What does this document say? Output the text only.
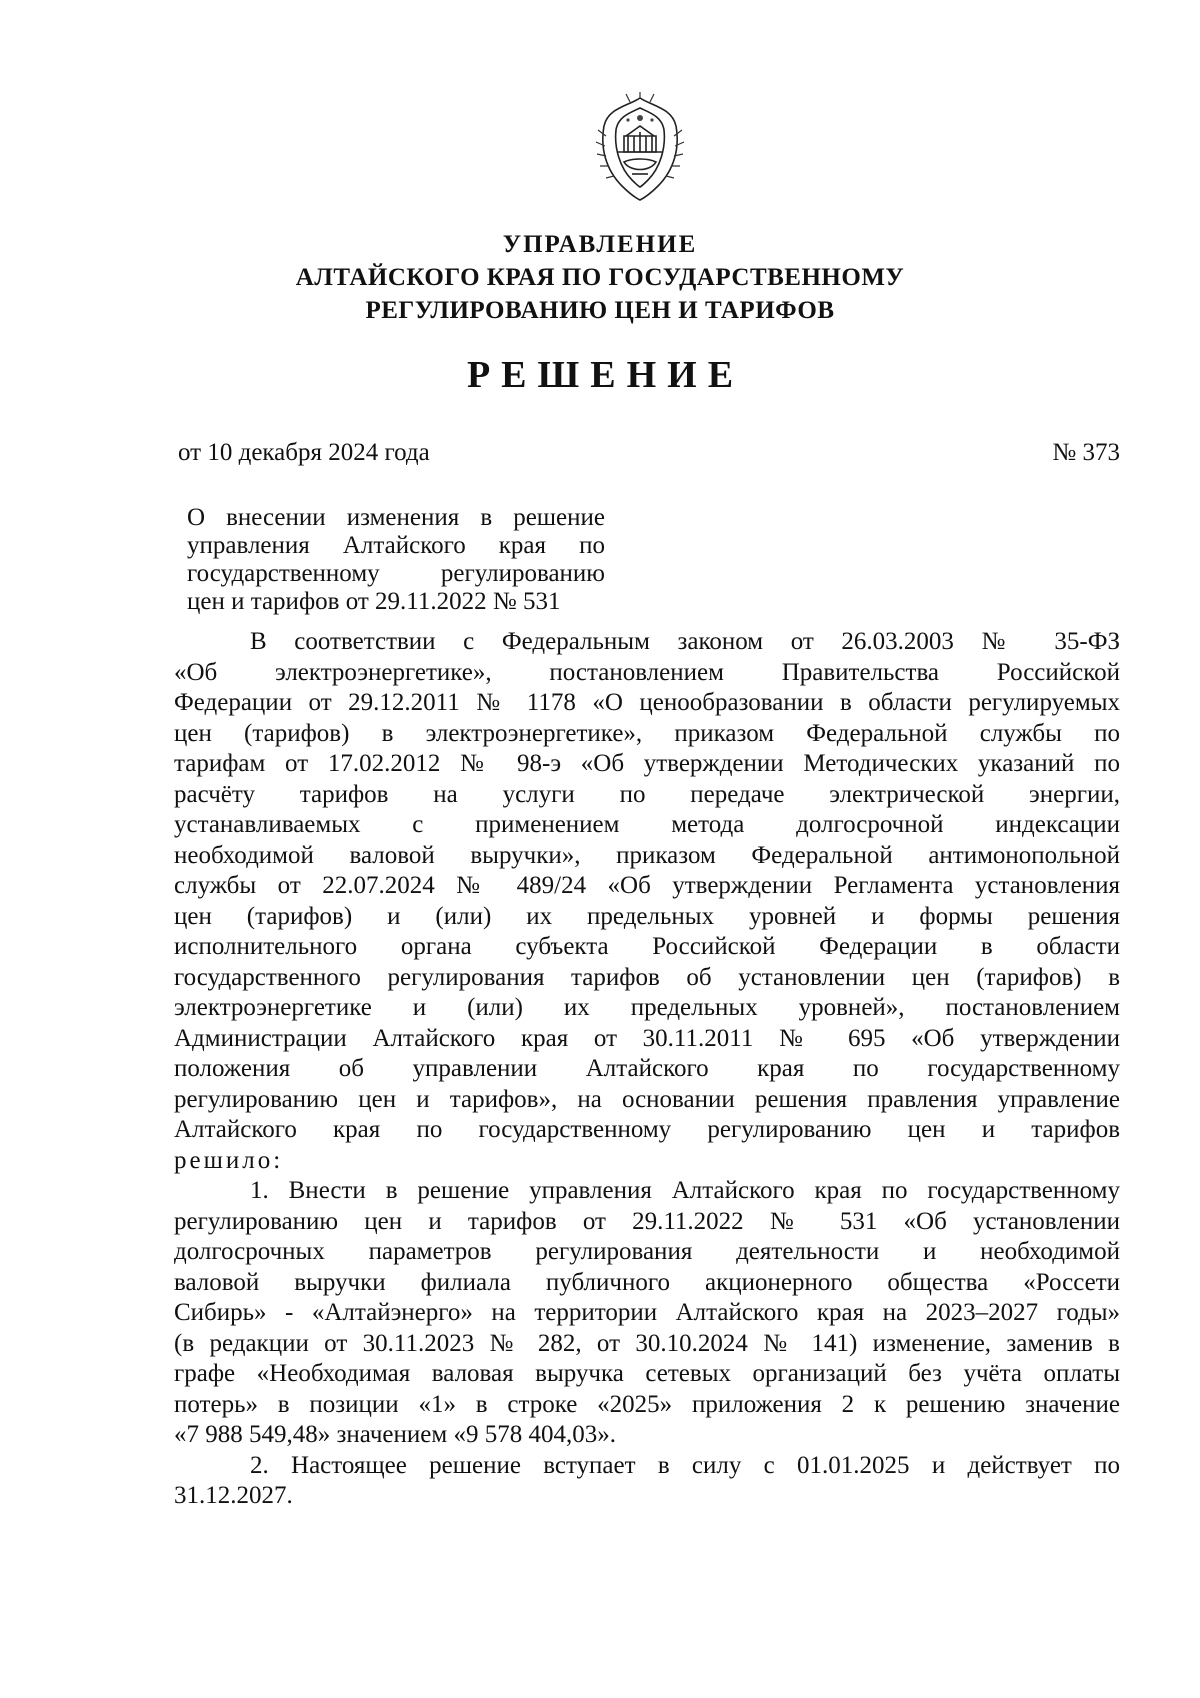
УПРАВЛЕНИЕ
АЛТАЙСКОГО КРАЯ ПО ГОСУДАРСТВЕННОМУ
РЕГУЛИРОВАНИЮ ЦЕН И ТАРИФОВ
РЕШЕНИЕ
от 10 декабря 2024 года	№ 373
О внесении изменения в решение
управления Алтайского края по
государственному регулированию
цен и тарифов от 29.11.2022 № 531
В соответствии с Федеральным законом от 26.03.2003 № 35-ФЗ
«Об электроэнергетике», постановлением Правительства Российской
Федерации от 29.12.2011 № 1178 «О ценообразовании в области регулируемых
цен (тарифов) в электроэнергетике», приказом Федеральной службы по
тарифам от 17.02.2012 № 98-э «Об утверждении Методических указаний по
расчёту тарифов на услуги по передаче электрической энергии,
устанавливаемых с применением метода долгосрочной индексации
необходимой валовой выручки», приказом Федеральной антимонопольной
службы от 22.07.2024 № 489/24 «Об утверждении Регламента установления
цен (тарифов) и (или) их предельных уровней и формы решения
исполнительного органа субъекта Российской Федерации в области
государственного регулирования тарифов об установлении цен (тарифов) в
электроэнергетике и (или) их предельных уровней», постановлением
Администрации Алтайского края от 30.11.2011 № 695 «Об утверждении
положения об управлении Алтайского края по государственному
регулированию цен и тарифов», на основании решения правления управление
Алтайского края по государственному регулированию цен и тарифов
решило:
1. Внести в решение управления Алтайского края по государственному
регулированию цен и тарифов от 29.11.2022 № 531 «Об установлении
долгосрочных параметров регулирования деятельности и необходимой
валовой выручки филиала публичного акционерного общества «Россети
Сибирь» - «Алтайэнерго» на территории Алтайского края на 2023–2027 годы»
(в редакции от 30.11.2023 № 282, от 30.10.2024 № 141) изменение, заменив в
графе «Необходимая валовая выручка сетевых организаций без учёта оплаты
потерь» в позиции «1» в строке «2025» приложения 2 к решению значение
«7 988 549,48» значением «9 578 404,03».
2. Настоящее решение вступает в силу с 01.01.2025 и действует по
31.12.2027.
